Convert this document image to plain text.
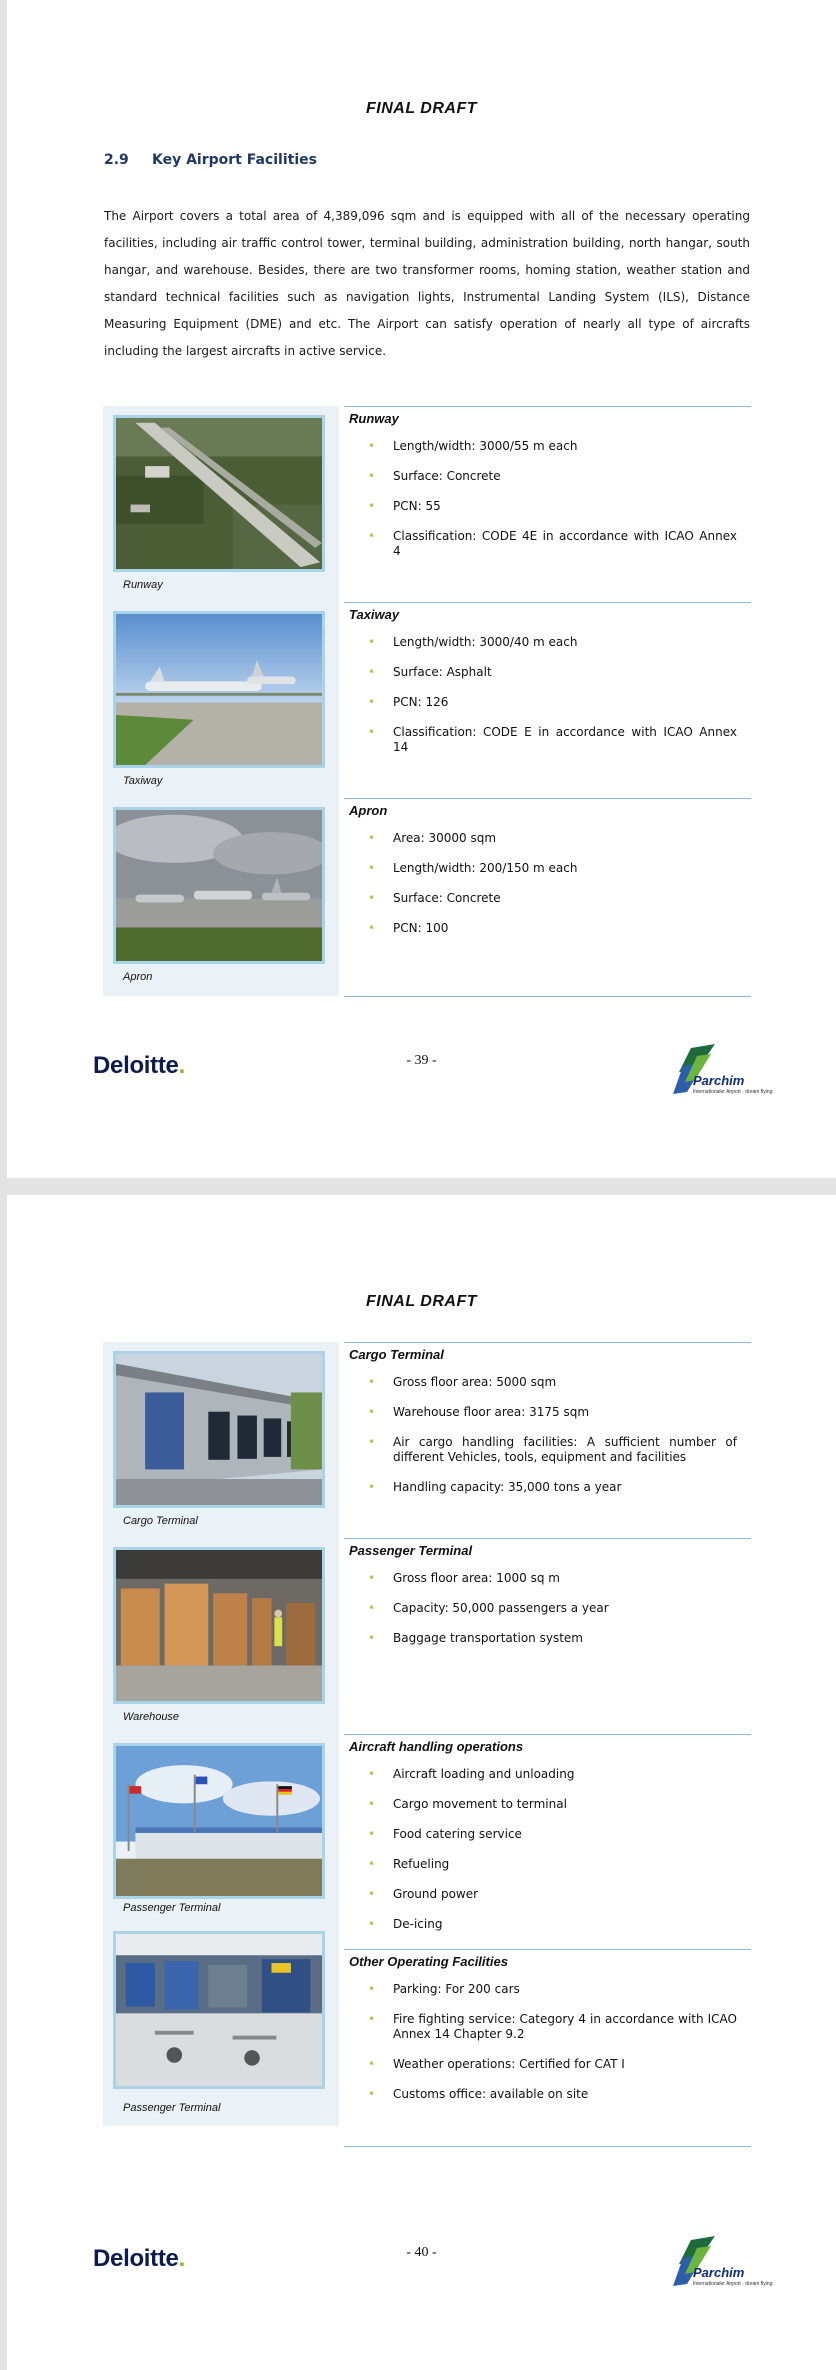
FINAL DRAFT
2.9 Key Airport Facilities
The Airport covers a total area of 4,389,096 sqm and is equipped with all of the necessary operating facilities, including air traffic control tower, terminal building, administration building, north hangar, south hangar, and warehouse. Besides, there are two transformer rooms, homing station, weather station and standard technical facilities such as navigation lights, Instrumental Landing System (ILS), Distance Measuring Equipment (DME) and etc. The Airport can satisfy operation of nearly all type of aircrafts including the largest aircrafts in active service.
Runway
Runway
• Length/width: 3000/55 m each
• Surface: Concrete
• PCN: 55
• Classification: CODE 4E in accordance with ICAO Annex 4
Taxiway
Taxiway
• Length/width: 3000/40 m each
• Surface: Asphalt
• PCN: 126
• Classification: CODE E in accordance with ICAO Annex 14
Apron
Apron
• Area: 30000 sqm
• Length/width: 200/150 m each
• Surface: Concrete
• PCN: 100
Deloitte.	- 39 -
Parchim
Internationaler Airport · dream flying
FINAL DRAFT
Cargo Terminal
Cargo Terminal
• Gross floor area: 5000 sqm
• Warehouse floor area: 3175 sqm
• Air cargo handling facilities: A sufficient number of different Vehicles, tools, equipment and facilities
• Handling capacity: 35,000 tons a year
Warehouse
Passenger Terminal
• Gross floor area: 1000 sq m
• Capacity: 50,000 passengers a year
• Baggage transportation system
Passenger Terminal
Aircraft handling operations
• Aircraft loading and unloading
• Cargo movement to terminal
• Food catering service
• Refueling
• Ground power
• De-icing
Passenger Terminal
Other Operating Facilities
• Parking: For 200 cars
• Fire fighting service: Category 4 in accordance with ICAO Annex 14 Chapter 9.2
• Weather operations: Certified for CAT I
• Customs office: available on site
Deloitte.	- 40 -
Parchim
Internationaler Airport · dream flying
